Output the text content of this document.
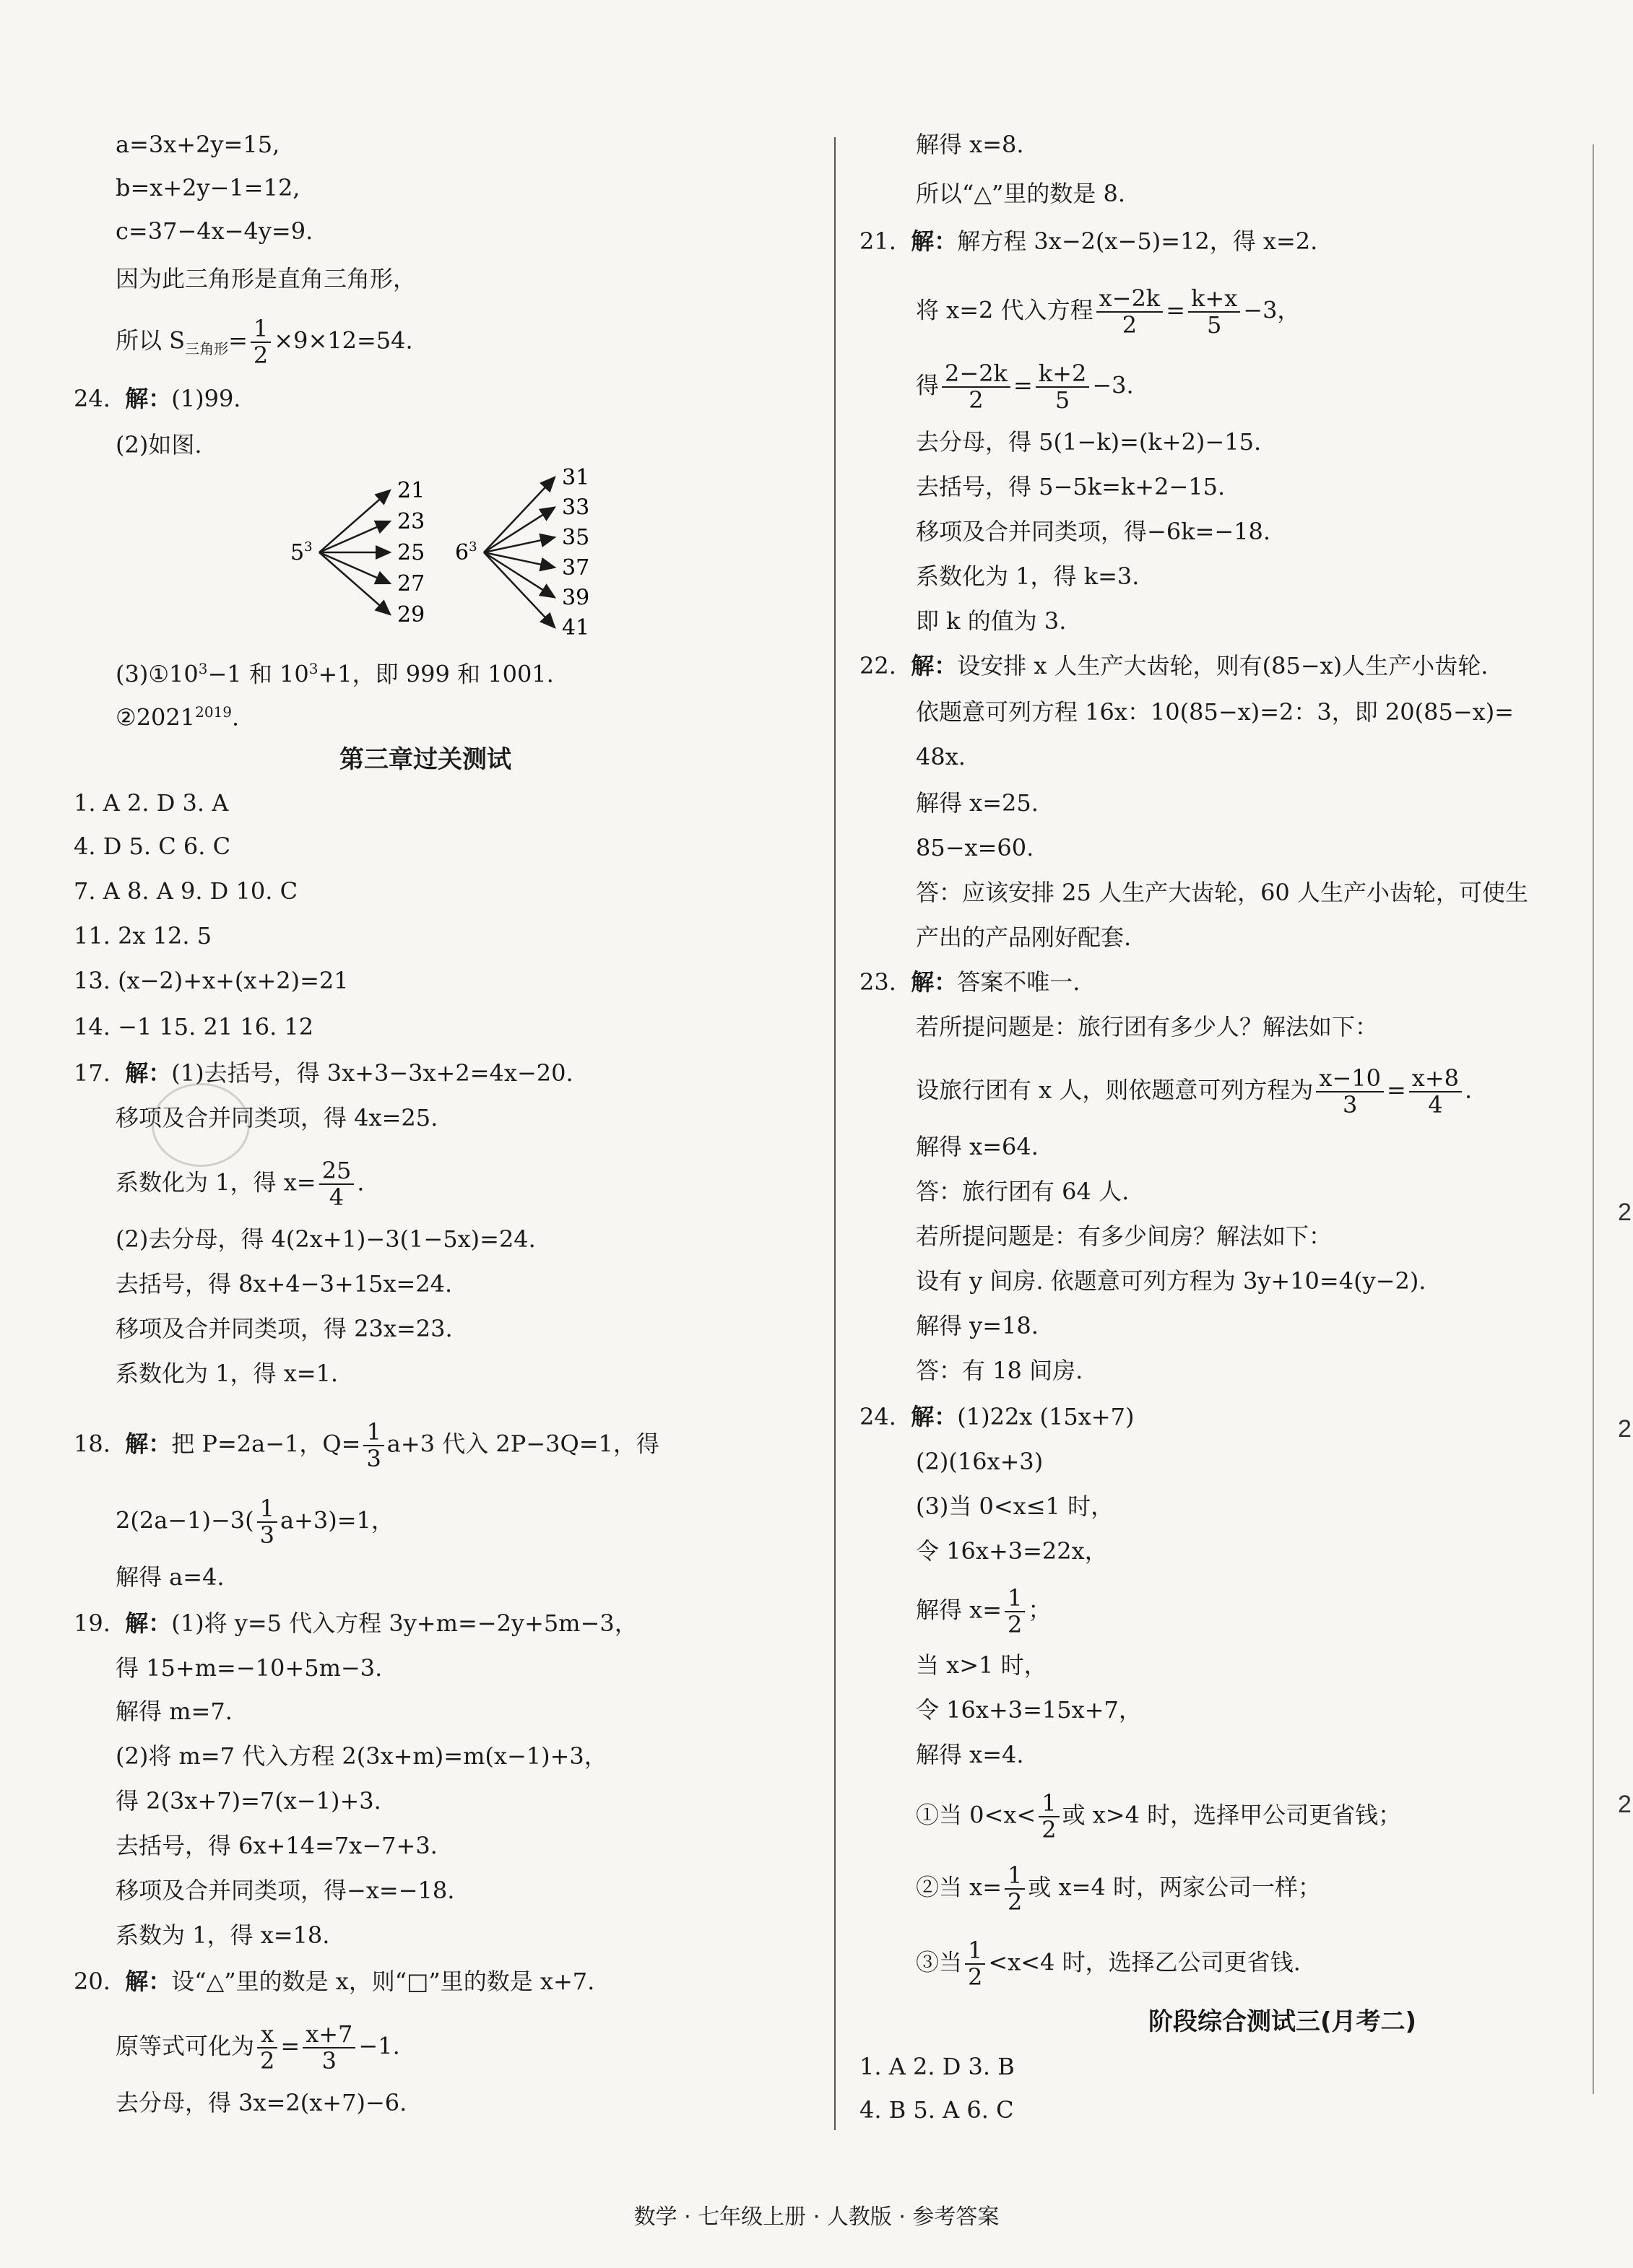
a=3x+2y=15,
b=x+2y−1=12,
c=37−4x−4y=9.
因为此三角形是直角三角形，
所以 $S_{三角形}= \frac{1}{2} \times 9\times 12=54$.
24. 解：(1)99.
(2)如图.
$5^3$
21
23
25
27
29
$6^3$
31
33
35
37
39
41
$(3)①10^3-1$ 和 $10^3+1$，即 999 和 1001.
$②2021^{2019}$.
第三章过关测试
1. A 2. D 3. A
4. D 5. C 6. C
7. A 8. A 9. D 10. C
11. 2x 12. 5
13. (x−2)+x+(x+2)=21
14. −1 15. 21 16. 12
17. 解：(1)去括号，得 3x+3−3x+2=4x−20.
移项及合并同类项，得 4x=25.
系数化为 1，得 $x= \frac{25}{4}$ .
(2)去分母，得 4(2x+1)−3(1−5x)=24.
去括号，得 8x+4−3+15x=24.
移项及合并同类项，得 23x=23.
系数化为 1，得 x=1.
18. 解：把 P=2a−1，$Q= \frac{1}{3} a+3$ 代入 2P−3Q=1，得
$2(2a-1)-3( \frac{1}{3} a+3)=1$，
解得 a=4.
19. 解：(1)将 y=5 代入方程 3y+m=−2y+5m−3，
得 15+m=−10+5m−3.
解得 m=7.
(2)将 m=7 代入方程 2(3x+m)=m(x−1)+3，
得 2(3x+7)=7(x−1)+3.
去括号，得 6x+14=7x−7+3.
移项及合并同类项，得−x=−18.
系数为 1，得 x=18.
20. 解：设“△”里的数是 x，则“□”里的数是 x+7.
原等式可化为 $\frac{x}{2} = \frac{x+7}{3} -1$.
去分母，得 3x=2(x+7)−6.
解得 x=8.
所以“△”里的数是 8.
21. 解：解方程 3x−2(x−5)=12，得 x=2.
将 x=2 代入方程 $\frac{x-2k}{2} = \frac{k+x}{5} -3$，
得 $\frac{2-2k}{2} = \frac{k+2}{5} -3$.
去分母，得 5(1−k)=(k+2)−15.
去括号，得 5−5k=k+2−15.
移项及合并同类项，得−6k=−18.
系数化为 1，得 k=3.
即 k 的值为 3.
22. 解：设安排 x 人生产大齿轮，则有(85−x)人生产小齿轮.
依题意可列方程 16x：10(85−x)=2：3，即 20(85−x)=
48x.
解得 x=25.
85−x=60.
答：应该安排 25 人生产大齿轮，60 人生产小齿轮，可使生
产出的产品刚好配套.
23. 解：答案不唯一.
若所提问题是：旅行团有多少人？解法如下：
设旅行团有 x 人，则依题意可列方程为 $\frac{x-10}{3} = \frac{x+8}{4}$ .
解得 x=64.
答：旅行团有 64 人.
若所提问题是：有多少间房？解法如下：
设有 y 间房. 依题意可列方程为 3y+10=4(y−2).
解得 y=18.
答：有 18 间房.
24. 解：(1)22x (15x+7)
(2)(16x+3)
(3)当 0<x≤1 时，
令 16x+3=22x，
解得 $x= \frac{1}{2}$ ；
当 x>1 时，
令 16x+3=15x+7，
解得 x=4.
①当 $0<x< \frac{1}{2}$ 或 x>4 时，选择甲公司更省钱；
②当 $x= \frac{1}{2}$ 或 x=4 时，两家公司一样；
③当 $\frac{1}{2} <x<4$ 时，选择乙公司更省钱.
阶段综合测试三(月考二)
1. A 2. D 3. B
4. B 5. A 6. C
2
2
2
数学 · 七年级上册 · 人教版 · 参考答案
